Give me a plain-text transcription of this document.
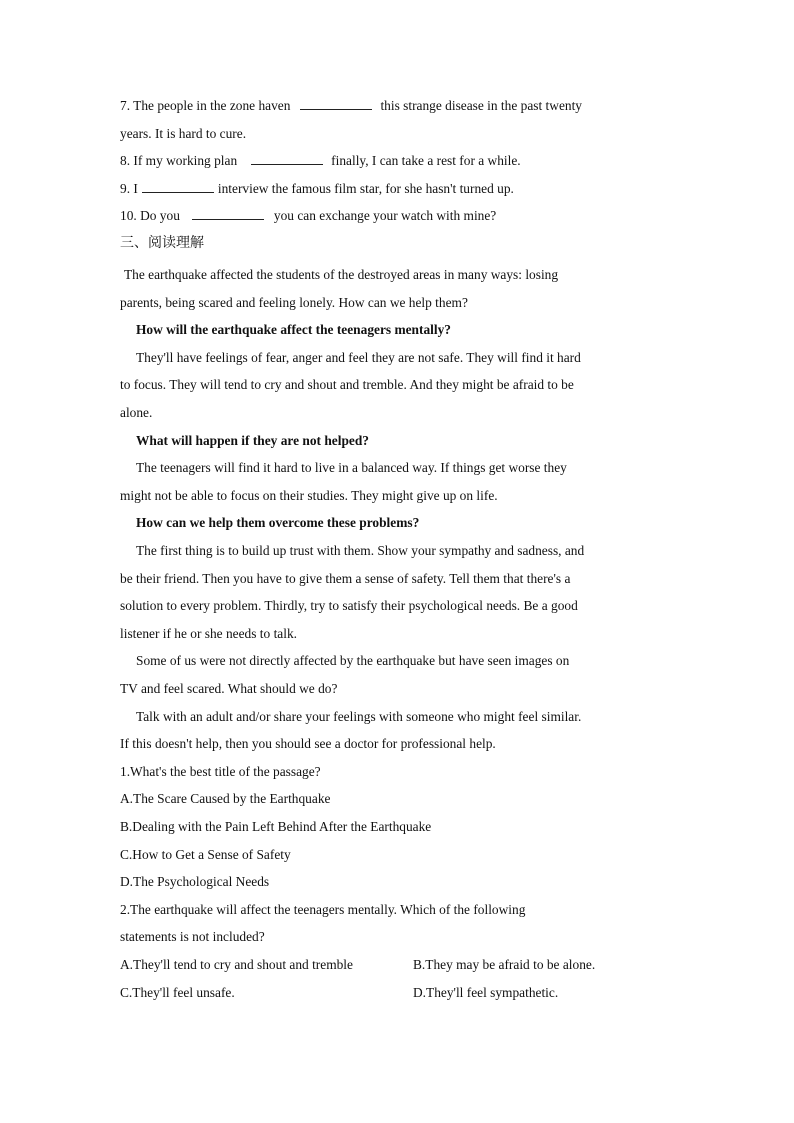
7. The people in the zone haven	this strange disease in the past twenty

years. It is hard to cure.

8. If my working plan	finally, I can take a rest for a while.

9. I	interview the famous film star, for she hasn't turned up.

10. Do you	you can exchange your watch with mine?

三、阅读理解

The earthquake affected the students of the destroyed areas in many ways: losing

parents, being scared and feeling lonely. How can we help them?

How will the earthquake affect the teenagers mentally?

They'll have feelings of fear, anger and feel they are not safe. They will find it hard

to focus. They will tend to cry and shout and tremble. And they might be afraid to be

alone.

What will happen if they are not helped?

The teenagers will find it hard to live in a balanced way. If things get worse they

might not be able to focus on their studies. They might give up on life.

How can we help them overcome these problems?

The first thing is to build up trust with them. Show your sympathy and sadness, and

be their friend. Then you have to give them a sense of safety. Tell them that there's a

solution to every problem. Thirdly, try to satisfy their psychological needs. Be a good

listener if he or she needs to talk.

Some of us were not directly affected by the earthquake but have seen images on

TV and feel scared. What should we do?

Talk with an adult and/or share your feelings with someone who might feel similar.

If this doesn't help, then you should see a doctor for professional help.

1.What's the best title of the passage?

A.The Scare Caused by the Earthquake

B.Dealing with the Pain Left Behind After the Earthquake

C.How to Get a Sense of Safety

D.The Psychological Needs

2.The earthquake will affect the teenagers mentally. Which of the following

statements is not included?

A.They'll tend to cry and shout and tremble	B.They may be afraid to be alone.

C.They'll feel unsafe.	D.They'll feel sympathetic.
